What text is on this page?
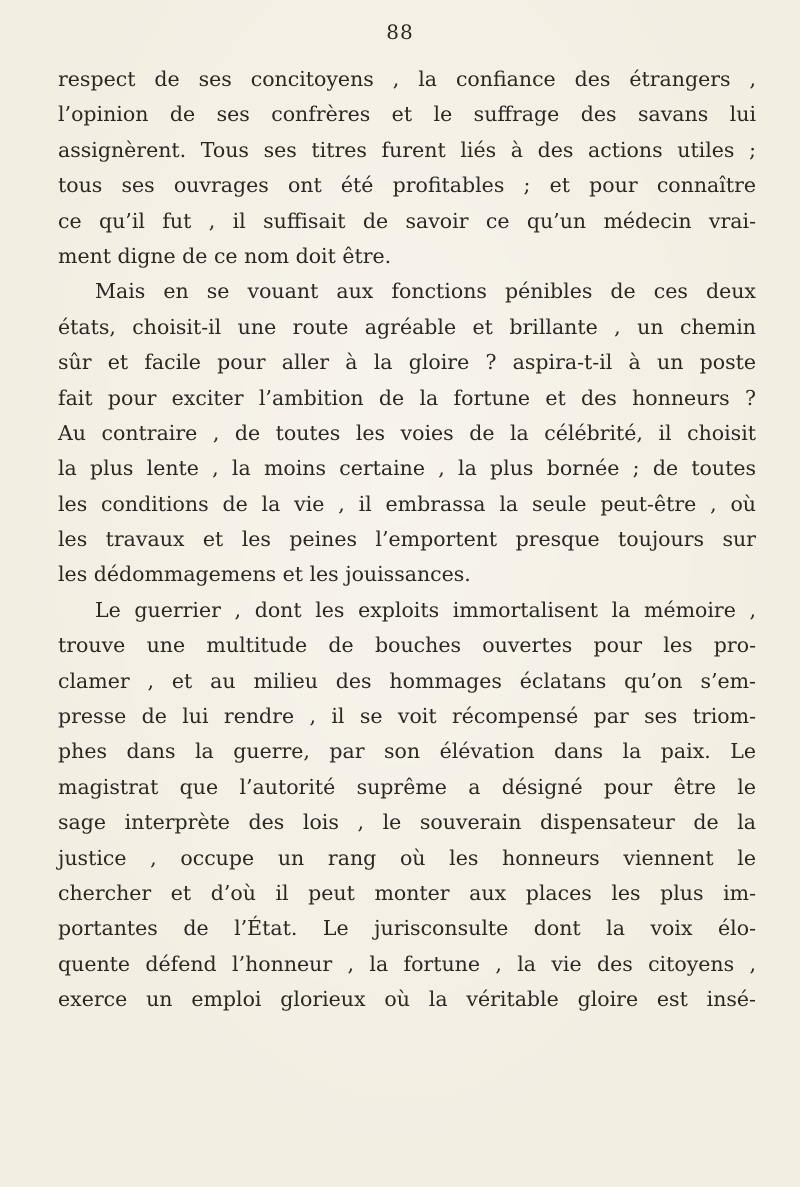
88
respect de ses concitoyens , la confiance des étrangers ,
l’opinion de ses confrères et le suffrage des savans lui
assignèrent. Tous ses titres furent liés à des actions utiles ;
tous ses ouvrages ont été profitables ; et pour connaître
ce qu’il fut , il suffisait de savoir ce qu’un médecin vrai-
ment digne de ce nom doit être.
Mais en se vouant aux fonctions pénibles de ces deux
états, choisit-il une route agréable et brillante , un chemin
sûr et facile pour aller à la gloire ? aspira-t-il à un poste
fait pour exciter l’ambition de la fortune et des honneurs ?
Au contraire , de toutes les voies de la célébrité, il choisit
la plus lente , la moins certaine , la plus bornée ; de toutes
les conditions de la vie , il embrassa la seule peut-être , où
les travaux et les peines l’emportent presque toujours sur
les dédommagemens et les jouissances.
Le guerrier , dont les exploits immortalisent la mémoire ,
trouve une multitude de bouches ouvertes pour les pro-
clamer , et au milieu des hommages éclatans qu’on s’em-
presse de lui rendre , il se voit récompensé par ses triom-
phes dans la guerre, par son élévation dans la paix. Le
magistrat que l’autorité suprême a désigné pour être le
sage interprète des lois , le souverain dispensateur de la
justice , occupe un rang où les honneurs viennent le
chercher et d’où il peut monter aux places les plus im-
portantes de l’État. Le jurisconsulte dont la voix élo-
quente défend l’honneur , la fortune , la vie des citoyens ,
exerce un emploi glorieux où la véritable gloire est insé-
